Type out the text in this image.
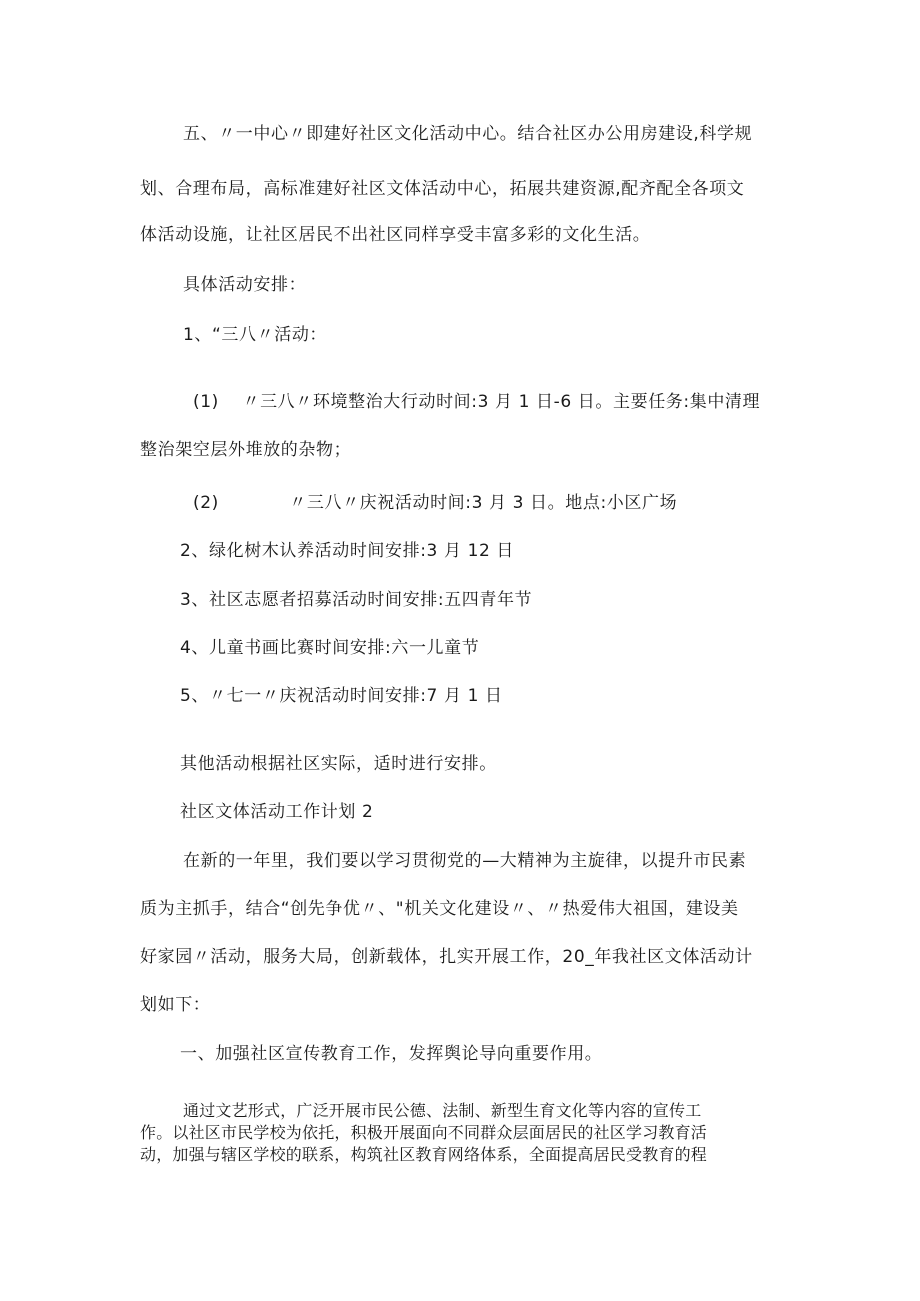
五、〃一中心〃即建好社区文化活动中心。结合社区办公用房建设,科学规
划、合理布局，高标准建好社区文体活动中心，拓展共建资源,配齐配全各项文
体活动设施，让社区居民不出社区同样享受丰富多彩的文化生活。
具体活动安排：
1、“三八〃活动：
(1)　 〃三八〃环境整治大行动时间:3 月 1 日-6 日。主要任务:集中清理
整治架空层外堆放的杂物；
(2)　　　　〃三八〃庆祝活动时间:3 月 3 日。地点:小区广场
2、绿化树木认养活动时间安排:3 月 12 日
3、社区志愿者招募活动时间安排:五四青年节
4、儿童书画比赛时间安排:六一儿童节
5、〃七一〃庆祝活动时间安排:7 月 1 日
其他活动根据社区实际，适时进行安排。
社区文体活动工作计划 2
在新的一年里，我们要以学习贯彻党的—大精神为主旋律，以提升市民素
质为主抓手，结合“创先争优〃、"机关文化建设〃、〃热爱伟大祖国，建设美
好家园〃活动，服务大局，创新载体，扎实开展工作，20_年我社区文体活动计
划如下：
一、加强社区宣传教育工作，发挥舆论导向重要作用。
通过文艺形式，广泛开展市民公德、法制、新型生育文化等内容的宣传工
作。以社区市民学校为依托，积极开展面向不同群众层面居民的社区学习教育活
动，加强与辖区学校的联系，构筑社区教育网络体系，全面提高居民受教育的程
